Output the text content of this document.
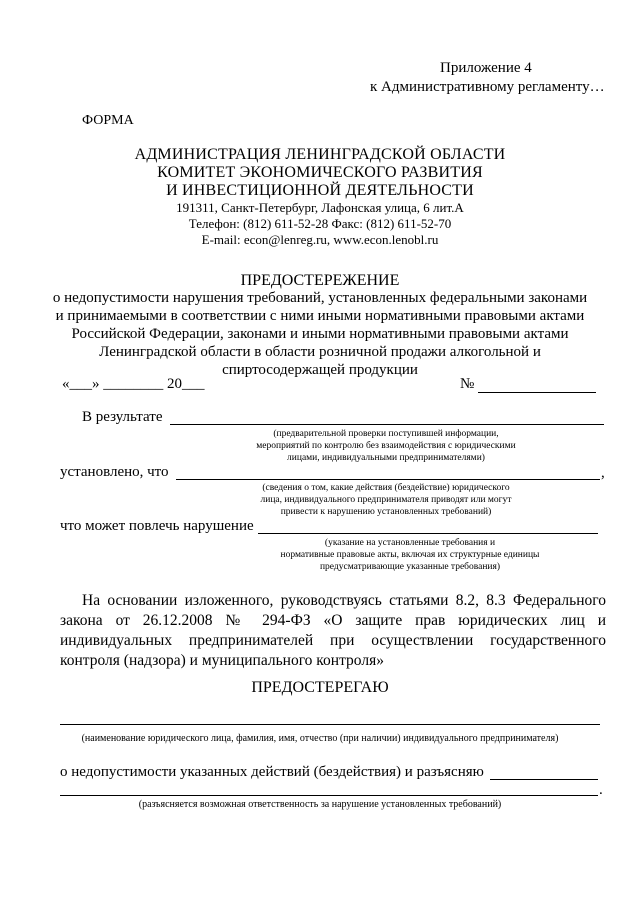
Приложение 4
к Административному регламенту…
ФОРМА
АДМИНИСТРАЦИЯ ЛЕНИНГРАДСКОЙ ОБЛАСТИ
КОМИТЕТ ЭКОНОМИЧЕСКОГО РАЗВИТИЯ
И ИНВЕСТИЦИОННОЙ ДЕЯТЕЛЬНОСТИ
191311, Санкт-Петербург, Лафонская улица, 6 лит.А
Телефон: (812) 611-52-28 Факс: (812) 611-52-70
E-mail: econ@lenreg.ru, www.econ.lenobl.ru
ПРЕДОСТЕРЕЖЕНИЕ
о недопустимости нарушения требований, установленных федеральными законами
и принимаемыми в соответствии с ними иными нормативными правовыми актами
Российской Федерации, законами и иными нормативными правовыми актами
Ленинградской области в области розничной продажи алкогольной и
спиртосодержащей продукции
«___» ________ 20___	№
В результате
(предварительной проверки поступившей информации,
мероприятий по контролю без взаимодействия с юридическими
лицами, индивидуальными предпринимателями)
установлено, что	,
(сведения о том, какие действия (бездействие) юридического
лица, индивидуального предпринимателя приводят или могут
привести к нарушению установленных требований)
что может повлечь нарушение
(указание на установленные требования и
нормативные правовые акты, включая их структурные единицы
предусматривающие указанные требования)
На основании изложенного, руководствуясь статьями 8.2, 8.3 Федерального
закона от 26.12.2008 № 294-ФЗ «О защите прав юридических лиц и
индивидуальных предпринимателей при осуществлении государственного
контроля (надзора) и муниципального контроля»
ПРЕДОСТЕРЕГАЮ
(наименование юридического лица, фамилия, имя, отчество (при наличии) индивидуального предпринимателя)
о недопустимости указанных действий (бездействия) и разъясняю
.
(разъясняется возможная ответственность за нарушение установленных требований)
